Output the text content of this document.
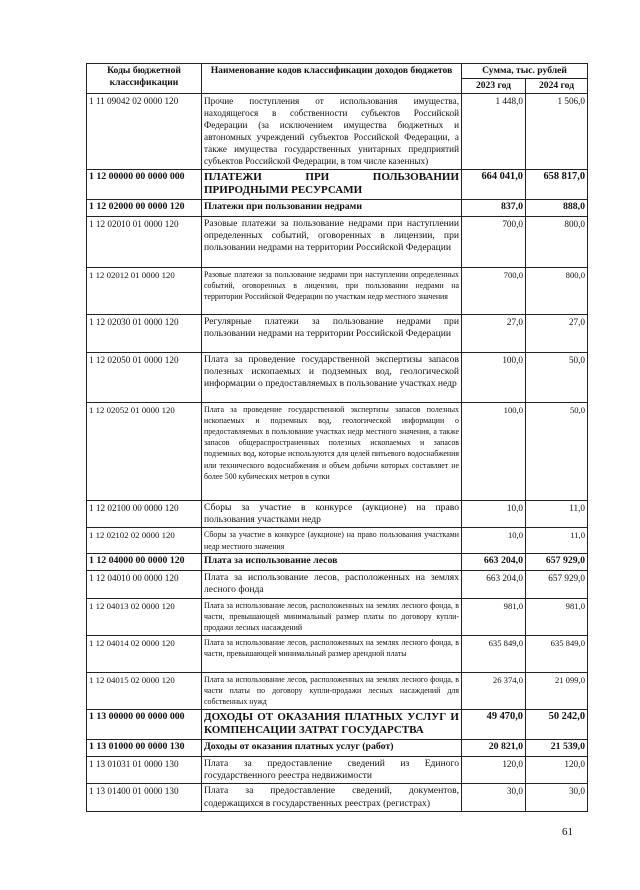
Коды бюджетной классификации	Наименование кодов классификации доходов бюджетов	Сумма, тыс. рублей	
		2023 год	2024 год
1 11 09042 02 0000 120	Прочие поступления от использования имущества, находящегося в собственности субъектов Российской Федерации (за исключением имущества бюджетных и автономных учреждений субъектов Российской Федерации, а также имущества государственных унитарных предприятий субъектов Российской Федерации, в том числе казенных)	1 448,0	1 506,0
1 12 00000 00 0000 000	ПЛАТЕЖИ ПРИ ПОЛЬЗОВАНИИ ПРИРОДНЫМИ РЕСУРСАМИ	664 041,0	658 817,0
1 12 02000 00 0000 120	Платежи при пользовании недрами	837,0	888,0
1 12 02010 01 0000 120	Разовые платежи за пользование недрами при наступлении определенных событий, оговоренных в лицензии, при пользовании недрами на территории Российской Федерации	700,0	800,0
1 12 02012 01 0000 120	Разовые платежи за пользование недрами при наступлении определенных событий, оговоренных в лицензии, при пользовании недрами на территории Российской Федерации по участкам недр местного значения	700,0	800,0
1 12 02030 01 0000 120	Регулярные платежи за пользование недрами при пользовании недрами на территории Российской Федерации	27,0	27,0
1 12 02050 01 0000 120	Плата за проведение государственной экспертизы запасов полезных ископаемых и подземных вод, геологической информации о предоставляемых в пользование участках недр	100,0	50,0
1 12 02052 01 0000 120	Плата за проведение государственной экспертизы запасов полезных ископаемых и подземных вод, геологической информации о предоставляемых в пользование участках недр местного значения, а также запасов общераспространенных полезных ископаемых и запасов подземных вод, которые используются для целей питьевого водоснабжения или технического водоснабжения и объем добычи которых составляет не более 500 кубических метров в сутки	100,0	50,0
1 12 02100 00 0000 120	Сборы за участие в конкурсе (аукционе) на право пользования участками недр	10,0	11,0
1 12 02102 02 0000 120	Сборы за участие в конкурсе (аукционе) на право пользования участками недр местного значения	10,0	11,0
1 12 04000 00 0000 120	Плата за использование лесов	663 204,0	657 929,0
1 12 04010 00 0000 120	Плата за использование лесов, расположенных на землях лесного фонда	663 204,0	657 929,0
1 12 04013 02 0000 120	Плата за использование лесов, расположенных на землях лесного фонда, в части, превышающей минимальный размер платы по договору купли-продажи лесных насаждений	981,0	981,0
1 12 04014 02 0000 120	Плата за использование лесов, расположенных на землях лесного фонда, в части, превышающей минимальный размер арендной платы	635 849,0	635 849,0
1 12 04015 02 0000 120	Плата за использование лесов, расположенных на землях лесного фонда, в части платы по договору купли-продажи лесных насаждений для собственных нужд	26 374,0	21 099,0
1 13 00000 00 0000 000	ДОХОДЫ ОТ ОКАЗАНИЯ ПЛАТНЫХ УСЛУГ И КОМПЕНСАЦИИ ЗАТРАТ ГОСУДАРСТВА	49 470,0	50 242,0
1 13 01000 00 0000 130	Доходы от оказания платных услуг (работ)	20 821,0	21 539,0
1 13 01031 01 0000 130	Плата за предоставление сведений из Единого государственного реестра недвижимости	120,0	120,0
1 13 01400 01 0000 130	Плата за предоставление сведений, документов, содержащихся в государственных реестрах (регистрах)	30,0	30,0
61
